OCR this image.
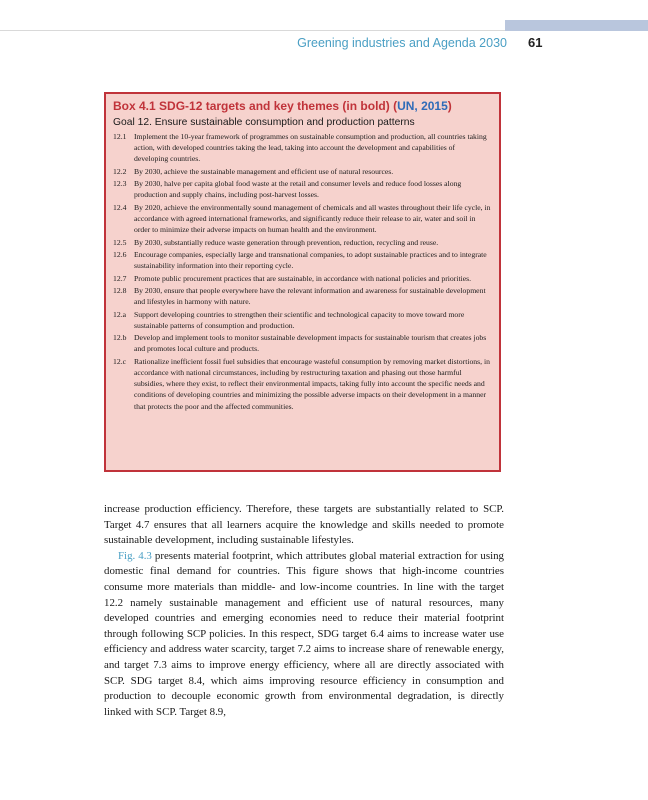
Greening industries and Agenda 2030 61
Box 4.1 SDG-12 targets and key themes (in bold) (UN, 2015)
Goal 12. Ensure sustainable consumption and production patterns
12.1 Implement the 10-year framework of programmes on sustainable consumption and production, all countries taking action, with developed countries taking the lead, taking into account the development and capabilities of developing countries.
12.2 By 2030, achieve the sustainable management and efficient use of natural resources.
12.3 By 2030, halve per capita global food waste at the retail and consumer levels and reduce food losses along production and supply chains, including post-harvest losses.
12.4 By 2020, achieve the environmentally sound management of chemicals and all wastes throughout their life cycle, in accordance with agreed international frameworks, and significantly reduce their release to air, water and soil in order to minimize their adverse impacts on human health and the environment.
12.5 By 2030, substantially reduce waste generation through prevention, reduction, recycling and reuse.
12.6 Encourage companies, especially large and transnational companies, to adopt sustainable practices and to integrate sustainability information into their reporting cycle.
12.7 Promote public procurement practices that are sustainable, in accordance with national policies and priorities.
12.8 By 2030, ensure that people everywhere have the relevant information and awareness for sustainable development and lifestyles in harmony with nature.
12.a	Support developing countries to strengthen their scientific and technological capacity to move toward more sustainable patterns of consumption and production.
12.b Develop and implement tools to monitor sustainable development impacts for sustainable tourism that creates jobs and promotes local culture and products.
12.c	Rationalize inefficient fossil fuel subsidies that encourage wasteful consumption by removing market distortions, in accordance with national circumstances, including by restructuring taxation and phasing out those harmful subsidies, where they exist, to reflect their environmental impacts, taking fully into account the specific needs and conditions of developing countries and minimizing the possible adverse impacts on their development in a manner that protects the poor and the affected communities.

increase production efficiency. Therefore, these targets are substantially related to SCP. Target 4.7 ensures that all learners acquire the knowledge and skills needed to promote sustainable development, including sustainable lifestyles.

Fig. 4.3 presents material footprint, which attributes global material extraction for using domestic final demand for countries. This figure shows that high-income countries consume more materials than middle- and low-income countries. In line with the target 12.2 namely sustainable management and efficient use of natural resources, many developed countries and emerging economies need to reduce their material footprint through following SCP policies. In this respect, SDG target 6.4 aims to increase water use efficiency and address water scarcity, target 7.2 aims to increase share of renewable energy, and target 7.3 aims to improve energy efficiency, where all are directly associated with SCP. SDG target 8.4, which aims improving resource efficiency in consumption and production to decouple economic growth from environmental degradation, is directly linked with SCP. Target 8.9,
